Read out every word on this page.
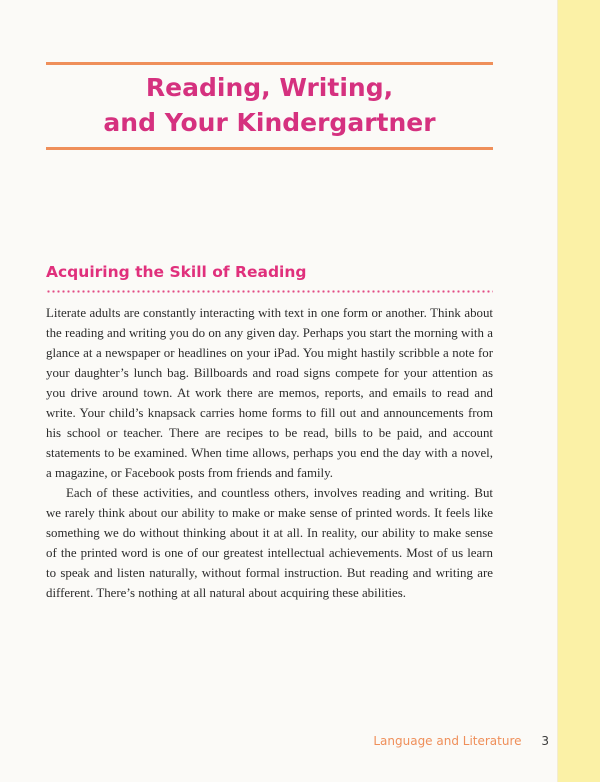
Reading, Writing,
and Your Kindergartner
Acquiring the Skill of Reading

Literate adults are constantly interacting with text in one form or another. Think about the reading and writing you do on any given day. Perhaps you start the morning with a glance at a newspaper or headlines on your iPad. You might hastily scribble a note for your daughter’s lunch bag. Billboards and road signs compete for your attention as you drive around town. At work there are memos, reports, and emails to read and write. Your child’s knapsack carries home forms to fill out and announcements from his school or teacher. There are recipes to be read, bills to be paid, and account statements to be examined. When time allows, perhaps you end the day with a novel, a magazine, or Facebook posts from friends and family.

Each of these activities, and countless others, involves reading and writing. But we rarely think about our ability to make or make sense of printed words. It feels like something we do without thinking about it at all. In reality, our ability to make sense of the printed word is one of our greatest intellectual achievements. Most of us learn to speak and listen naturally, without formal instruction. But reading and writing are different. There’s nothing at all natural about acquiring these abilities.

Language and Literature 3
